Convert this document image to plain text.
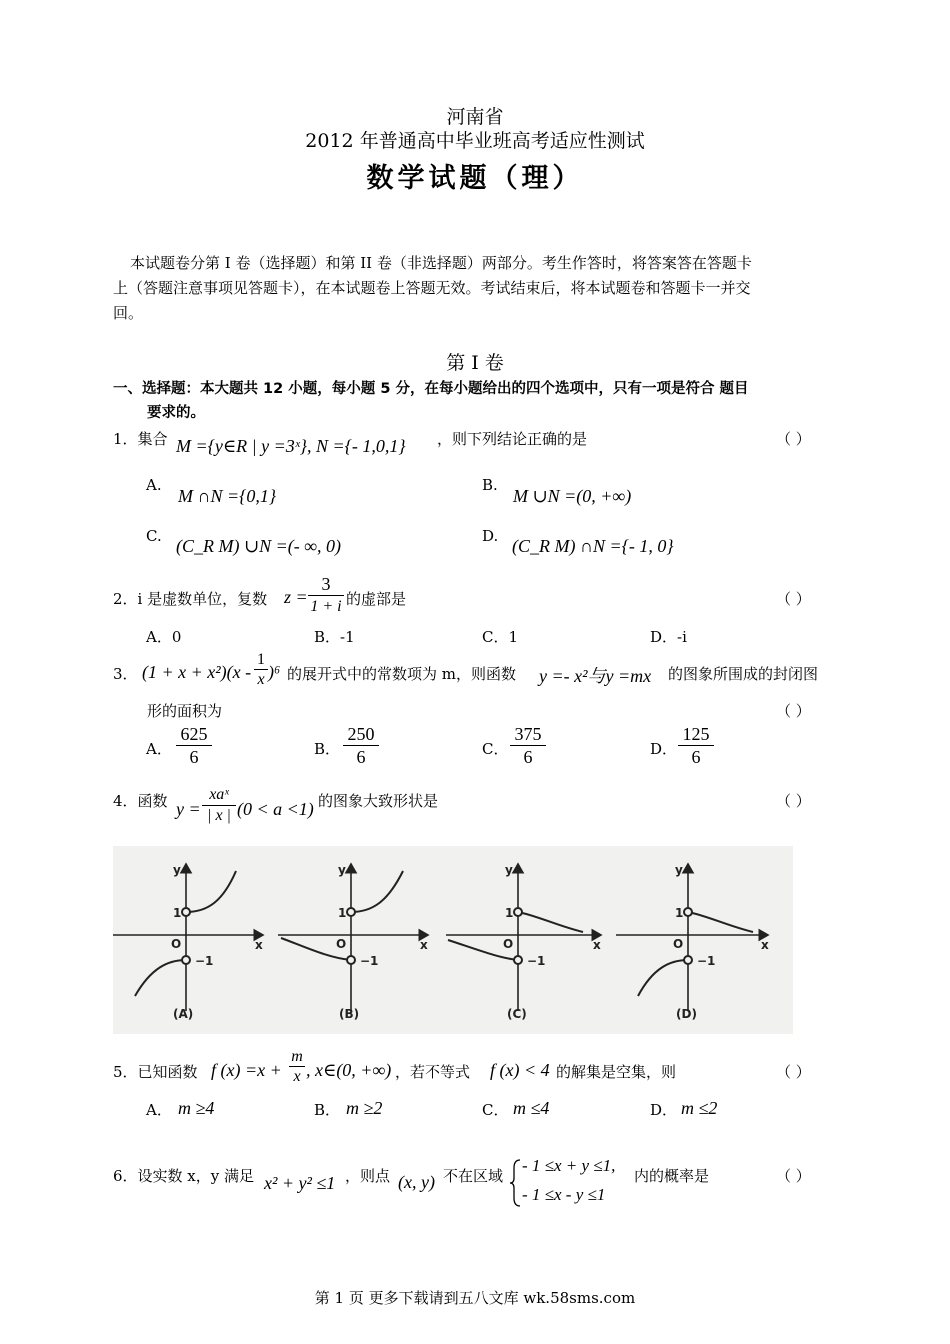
河南省
2012 年普通高中毕业班高考适应性测试
数学试题（理）
本试题卷分第 I 卷（选择题）和第 II 卷（非选择题）两部分。考生作答时，将答案答在答题卡
上（答题注意事项见答题卡），在本试题卷上答题无效。考试结束后，将本试题卷和答题卡一并交
回。
第 I 卷
一、选择题：本大题共 12 小题，每小题 5 分，在每小题给出的四个选项中，只有一项是符合 题目
要求的。
1．集合 M ={y∈R | y =3ˣ}, N ={- 1,0,1} ，则下列结论正确的是	（ ）
A.
M ∩N ={0,1}
B.
M ∪N =(0, +∞)
C. (C_R M) ∪N =(- ∞, 0)	D. (C_R M) ∩N ={- 1, 0}
2．i 是虚数单位，复数 z =
3
1 + i 的虚部是	（ ）
A．0	B．-1	C．1	D．-i
3． (1 + x + x²)(x -
1
x )⁶ 的展开式中的常数项为 m，则函数 y =- x²与y =mx 的图象所围成的封闭图
形的面积为	（ ）
A．
625
6	B．
250
6	C．
375
6	D．
125
6
4．函数 y =
xaˣ
| x | (0 < a <1) 的图象大致形状是	（ ）
y
x
O
1
−1
(A)
y
x
O
1
−1
(B)
y
x
O
1
−1
(C)
y
x
O
1
−1
(D)
5．已知函数 f (x) =x +
m
x , x∈(0, +∞) ，若不等式 f (x) < 4 的解集是空集，则	（ ）
A． m ≥4	B． m ≥2	C． m ≤4	D． m ≤2
6．设实数 x，y 满足 x² + y² ≤1 ，则点 (x, y) 不在区域
- 1 ≤x + y ≤1,
- 1 ≤x - y ≤1
内的概率是	（ ）
第 1 页 更多下载请到五八文库 wk.58sms.com
